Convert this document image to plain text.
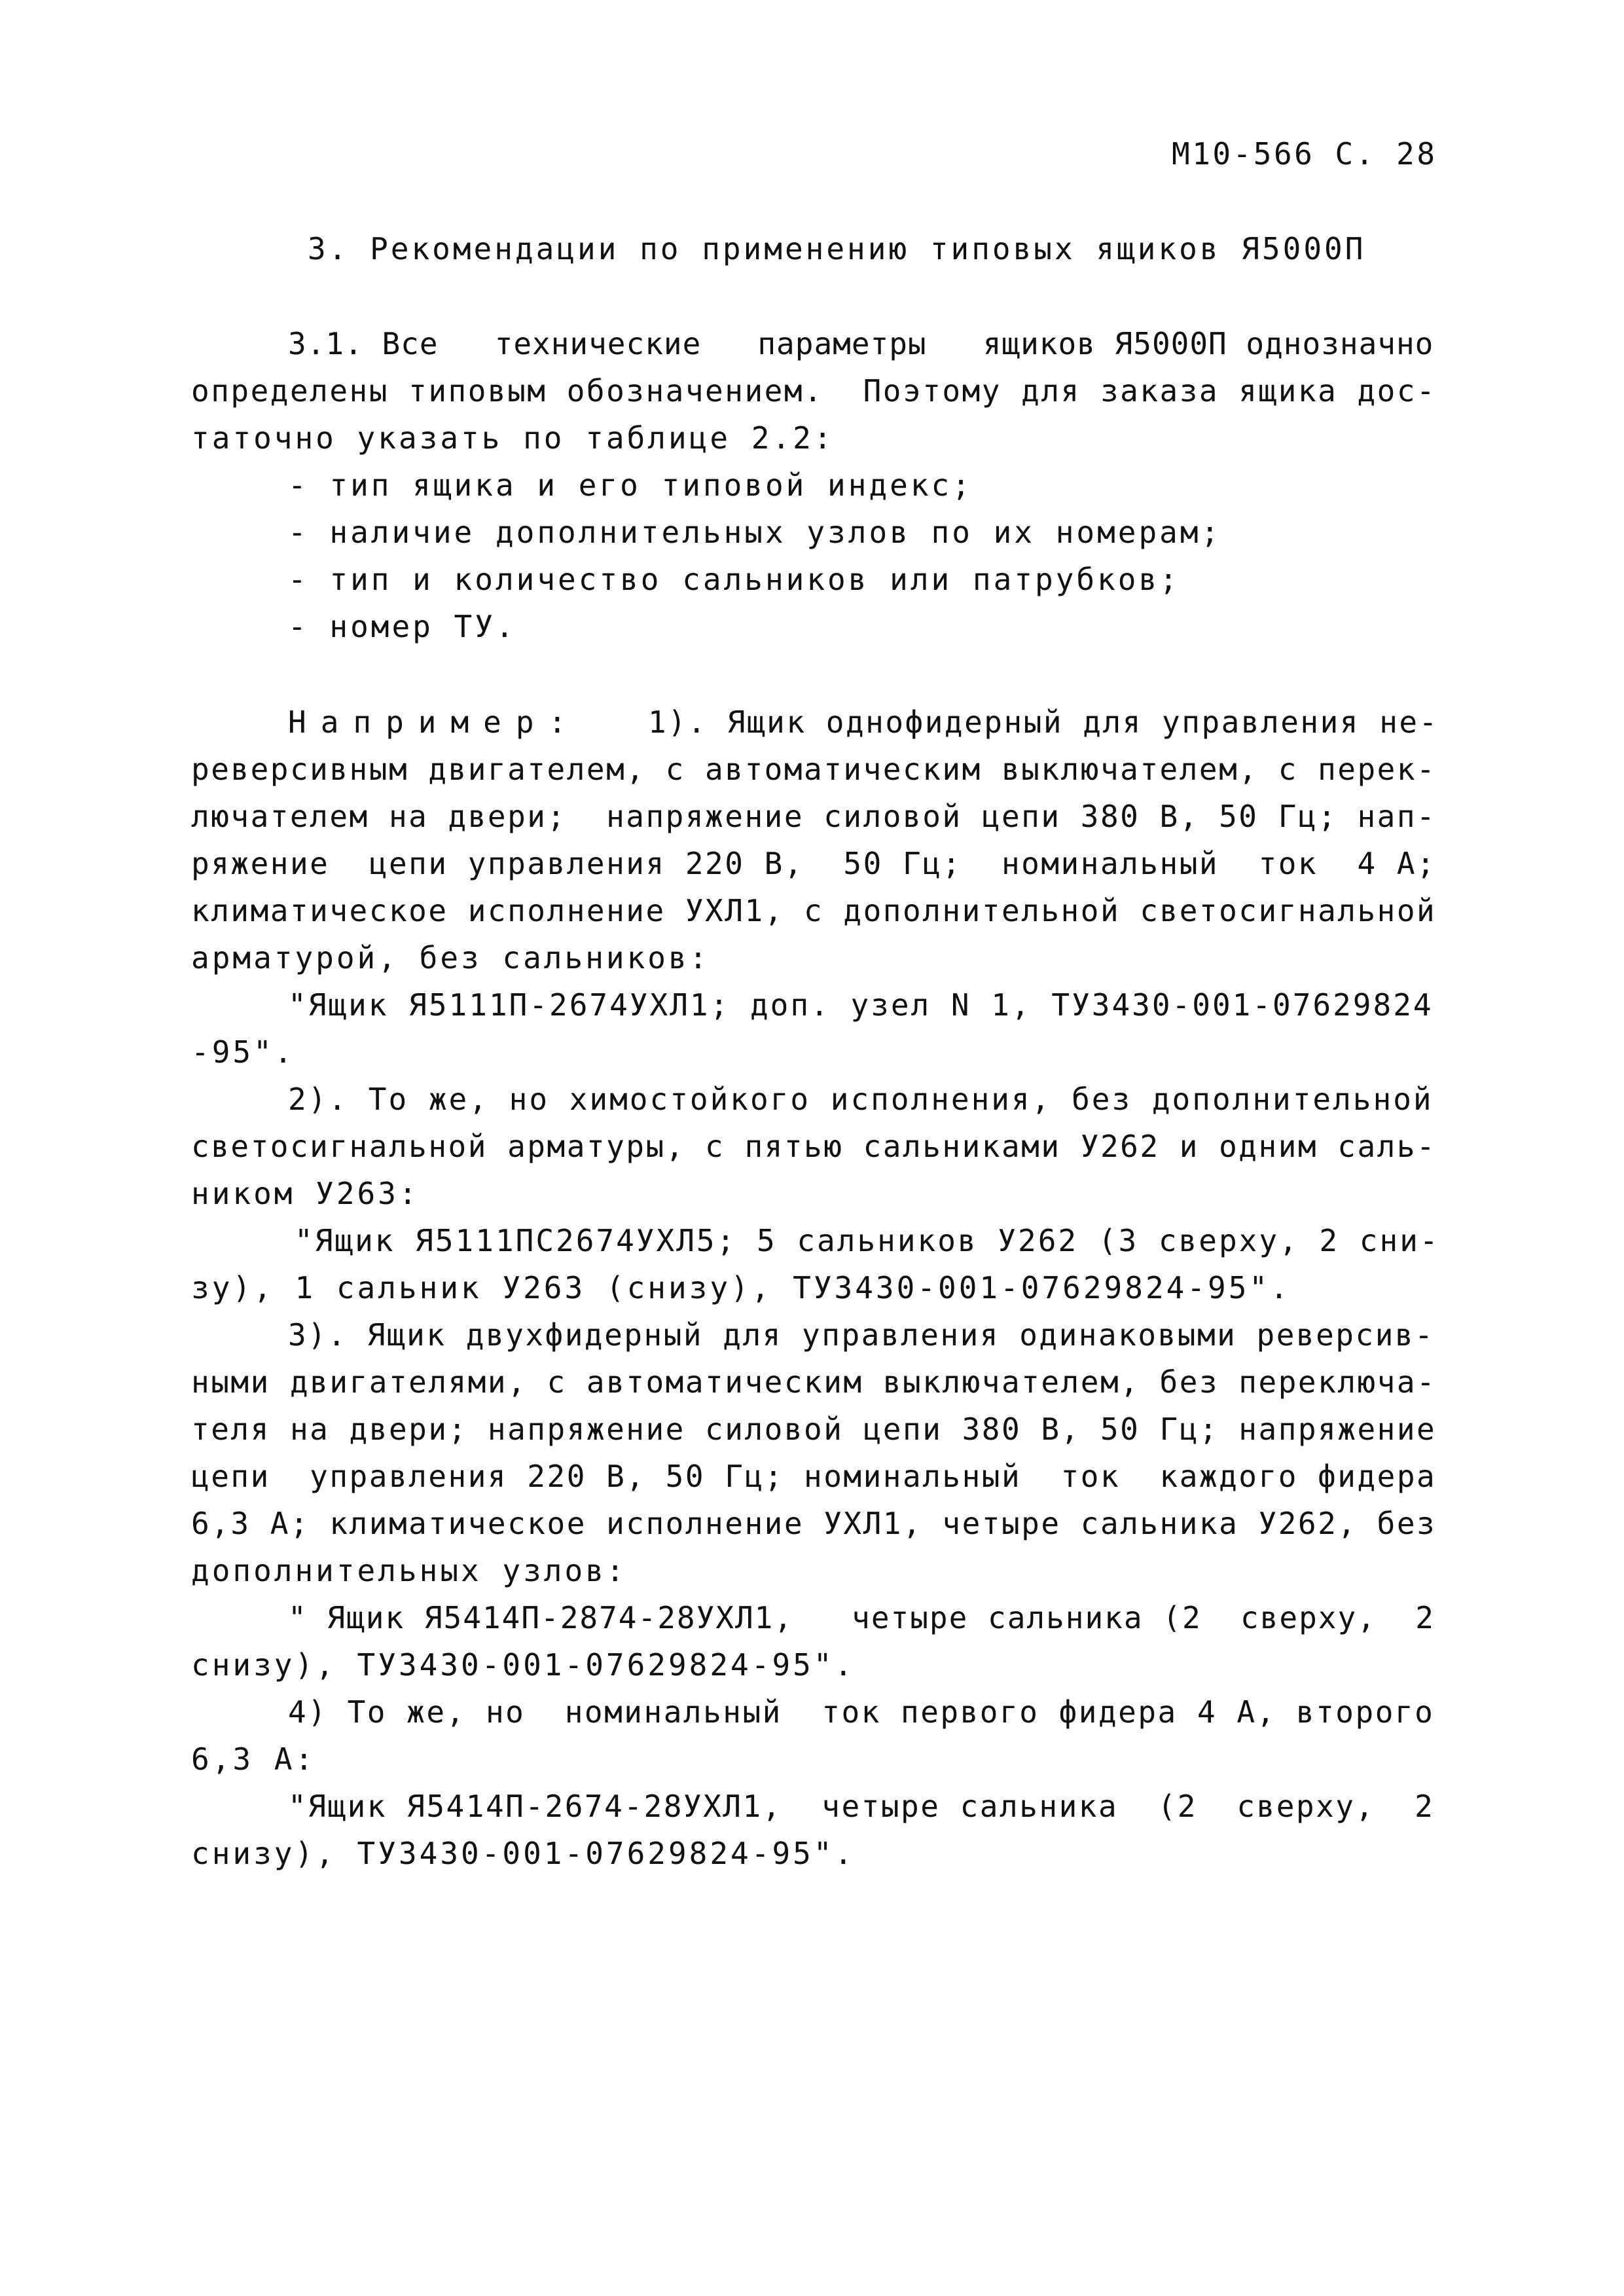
М10-566 С. 28
3. Рекомендации по применению типовых ящиков Я5000П
3.1. Все   технические   параметры   ящиков Я5000П однозначно
определены типовым обозначением.  Поэтому для заказа ящика дос-
таточно указать по таблице 2.2:
- тип ящика и его типовой индекс;
- наличие дополнительных узлов по их номерам;
- тип и количество сальников или патрубков;
- номер ТУ.
Например: 1). Ящик однофидерный для управления не-
реверсивным двигателем, с автоматическим выключателем, с перек-
лючателем на двери;  напряжение силовой цепи 380 В, 50 Гц; нап-
ряжение  цепи управления 220 В,  50 Гц;  номинальный  ток  4 А;
климатическое исполнение УХЛ1, с дополнительной светосигнальной
арматурой, без сальников:
"Ящик Я5111П-2674УХЛ1; доп. узел N 1, ТУ3430-001-07629824
-95".
2). То же, но химостойкого исполнения, без дополнительной
светосигнальной арматуры, с пятью сальниками У262 и одним саль-
ником У263:
"Ящик Я5111ПС2674УХЛ5; 5 сальников У262 (3 сверху, 2 сни-
зу), 1 сальник У263 (снизу), ТУ3430-001-07629824-95".
3). Ящик двухфидерный для управления одинаковыми реверсив-
ными двигателями, с автоматическим выключателем, без переключа-
теля на двери; напряжение силовой цепи 380 В, 50 Гц; напряжение
цепи  управления 220 В, 50 Гц; номинальный  ток  каждого фидера
6,3 А; климатическое исполнение УХЛ1, четыре сальника У262, без
дополнительных узлов:
" Ящик Я5414П-2874-28УХЛ1,   четыре сальника (2  сверху,  2
снизу), ТУ3430-001-07629824-95".
4) То же, но  номинальный  ток первого фидера 4 А, второго
6,3 А:
"Ящик Я5414П-2674-28УХЛ1,  четыре сальника  (2  сверху,  2
снизу), ТУ3430-001-07629824-95".
